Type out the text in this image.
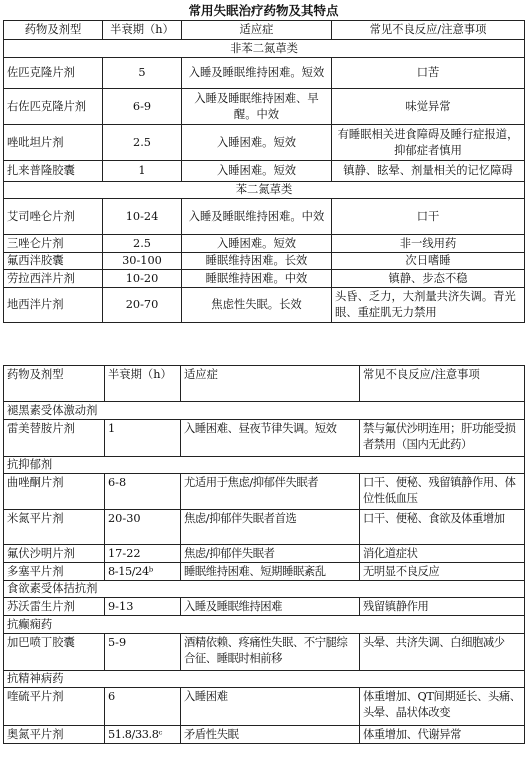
常用失眠治疗药物及其特点
药物及剂型	半衰期（h）	适应症	常见不良反应/注意事项
非苯二氮䓬类			
佐匹克隆片剂	5	入睡及睡眠维持困难。短效	口苦
右佐匹克隆片剂	6-9	入睡及睡眠维持困难、早醒。中效	味觉异常
唑吡坦片剂	2.5	入睡困难。短效	有睡眠相关进食障碍及睡行症报道，抑郁症者慎用
扎来普隆胶囊	1	入睡困难。短效	镇静、眩晕、剂量相关的记忆障碍
苯二氮䓬类			
艾司唑仑片剂	10-24	入睡及睡眠维持困难。中效	口干
三唑仑片剂	2.5	入睡困难。短效	非一线用药
氟西泮胶囊	30-100	睡眠维持困难。长效	次日嗜睡
劳拉西泮片剂	10-20	睡眠维持困难。中效	镇静、步态不稳
地西泮片剂	20-70	焦虑性失眠。长效	头昏、乏力，大剂量共济失调。青光眼、重症肌无力禁用
药物及剂型	半衰期（h）	适应症	常见不良反应/注意事项
褪黑素受体激动剂			
雷美替胺片剂	1	入睡困难、昼夜节律失调。短效	禁与氟伏沙明连用；肝功能受损者禁用（国内无此药）
抗抑郁剂			
曲唑酮片剂	6-8	尤适用于焦虑/抑郁伴失眠者	口干、便秘、残留镇静作用、体位性低血压
米氮平片剂	20-30	焦虑/抑郁伴失眠者首选	口干、便秘、食欲及体重增加
氟伏沙明片剂	17-22	焦虑/抑郁伴失眠者	消化道症状
多塞平片剂	8-15/24ᵇ	睡眠维持困难、短期睡眠紊乱	无明显不良反应
食欲素受体拮抗剂			
苏沃雷生片剂	9-13	入睡及睡眠维持困难	残留镇静作用
抗癫痫药			
加巴喷丁胶囊	5-9	酒精依赖、疼痛性失眠、不宁腿综合征、睡眠时相前移	头晕、共济失调、白细胞减少
抗精神病药			
喹硫平片剂	6	入睡困难	体重增加、QT间期延长、头痛、头晕、晶状体改变
奥氮平片剂	51.8/33.8ᶜ	矛盾性失眠	体重增加、代谢异常
